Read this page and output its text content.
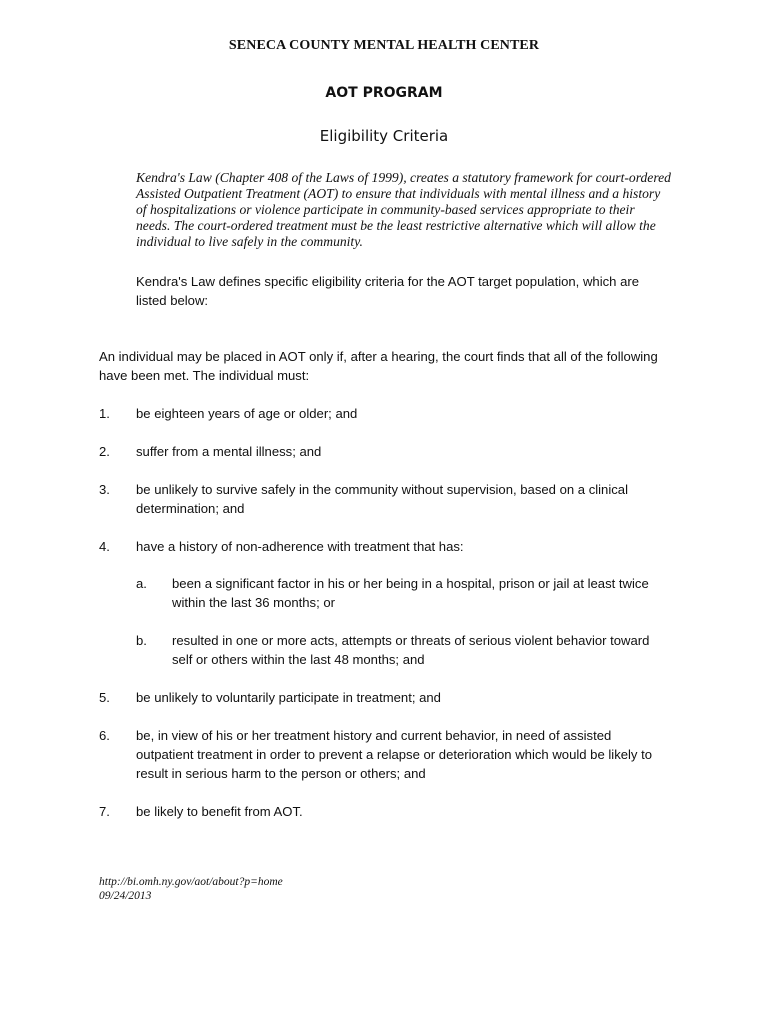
SENECA COUNTY MENTAL HEALTH CENTER
AOT PROGRAM
Eligibility Criteria

Kendra's Law (Chapter 408 of the Laws of 1999), creates a statutory framework for court-ordered Assisted Outpatient Treatment (AOT) to ensure that individuals with mental illness and a history of hospitalizations or violence participate in community-based services appropriate to their needs. The court-ordered treatment must be the least restrictive alternative which will allow the individual to live safely in the community.

Kendra's Law defines specific eligibility criteria for the AOT target population, which are listed below:

An individual may be placed in AOT only if, after a hearing, the court finds that all of the following have been met. The individual must:

1. be eighteen years of age or older; and
2. suffer from a mental illness; and
3. be unlikely to survive safely in the community without supervision, based on a clinical determination; and
4. have a history of non-adherence with treatment that has:
a. been a significant factor in his or her being in a hospital, prison or jail at least twice within the last 36 months; or
b. resulted in one or more acts, attempts or threats of serious violent behavior toward self or others within the last 48 months; and
5. be unlikely to voluntarily participate in treatment; and
6. be, in view of his or her treatment history and current behavior, in need of assisted outpatient treatment in order to prevent a relapse or deterioration which would be likely to result in serious harm to the person or others; and
7. be likely to benefit from AOT.
http://bi.omh.ny.gov/aot/about?p=home
09/24/2013
